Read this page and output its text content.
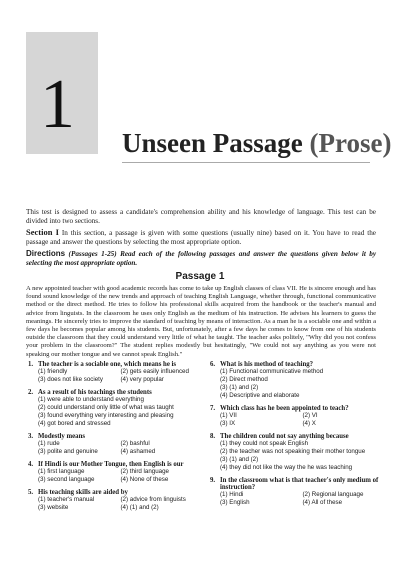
1 Unseen Passage (Prose)
This test is designed to assess a candidate's comprehension ability and his knowledge of language. This test can be divided into two sections.
Section I In this section, a passage is given with some questions (usually nine) based on it. You have to read the passage and answer the questions by selecting the most appropriate option.
Directions (Passages 1-25) Read each of the following passages and answer the questions given below it by selecting the most appropriate option.
Passage 1
A new appointed teacher with good academic records has come to take up English classes of class VII. He is sincere enough and has found sound knowledge of the new trends and approach of teaching English Language, whether through, functional communicative method or the direct method. He tries to follow his professional skills acquired from the handbook or the teacher's manual and advice from linguists. In the classroom he uses only English as the medium of his instruction. He advises his learners to guess the meanings. He sincerely tries to improve the standard of teaching by means of interaction. As a man he is a sociable one and within a few days he becomes popular among his students. But, unfortunately, after a few days he comes to know from one of his students outside the classroom that they could understand very little of what he taught. The teacher asks politely, "Why did you not confess your problem in the classroom?" The student replies modestly but hesitatingly, "We could not say anything as you were not speaking our mother tongue and we cannot speak English."
1. The teacher is a sociable one, which means he is
(1) friendly	(2) gets easily influenced
(3) does not like society	(4) very popular
2. As a result of his teachings the students
(1) were able to understand everything
(2) could understand only little of what was taught
(3) found everything very interesting and pleasing
(4) got bored and stressed
3. Modestly means
(1) rude	(2) bashful
(3) polite and genuine	(4) ashamed
4. If Hindi is our Mother Tongue, then English is our
(1) first language	(2) third language
(3) second language	(4) None of these
5. His teaching skills are aided by
(1) teacher's manual	(2) advice from linguists
(3) website	(4) (1) and (2)
6. What is his method of teaching?
(1) Functional communicative method
(2) Direct method
(3) (1) and (2)
(4) Descriptive and elaborate
7. Which class has he been appointed to teach?
(1) VII	(2) VI
(3) IX	(4) X
8. The children could not say anything because
(1) they could not speak English
(2) the teacher was not speaking their mother tongue
(3) (1) and (2)
(4) they did not like the way the he was teaching
9. In the classroom what is that teacher's only medium of instruction?
(1) Hindi	(2) Regional language
(3) English	(4) All of these
